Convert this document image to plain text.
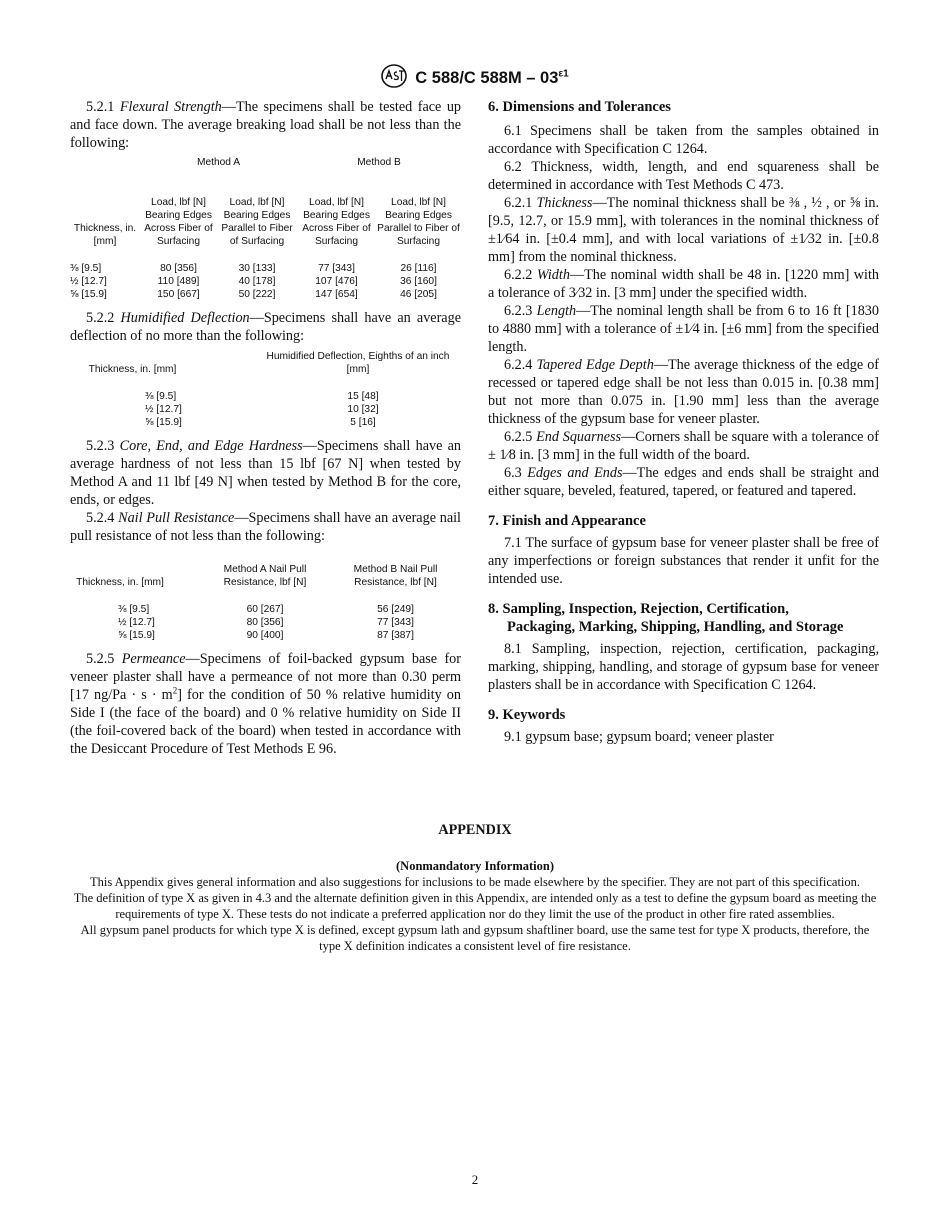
C 588/C $588M - 03^{\varepsilon 1}$

5.2.1 Flexural Strength—The specimens shall be tested face up and face down. The average breaking load shall be not less than the following:

	Method A		Method B	
Thickness, in. [mm]	Load, lbf [N] Bearing Edges Across Fiber of Surfacing	Load, lbf [N] Bearing Edges Parallel to Fiber of Surfacing	Load, lbf [N] Bearing Edges Across Fiber of Surfacing	Load, lbf [N] Bearing Edges Parallel to Fiber of Surfacing

⅜ [9.5]	80 [356]	30 [133]	77 [343]	26 [116]
½ [12.7]	110 [489]	40 [178]	107 [476]	36 [160]
⅝ [15.9]	150 [667]	50 [222]	147 [654]	46 [205]

5.2.2 Humidified Deflection—Specimens shall have an average deflection of no more than the following:

Thickness, in. [mm]	Humidified Deflection, Eighths of an inch [mm]

⅜ [9.5]	15 [48]
½ [12.7]	10 [32]
⅝ [15.9]	5 [16]

5.2.3 Core, End, and Edge Hardness—Specimens shall have an average hardness of not less than 15 lbf [67 N] when tested by Method A and 11 lbf [49 N] when tested by Method B for the core, ends, or edges.

5.2.4 Nail Pull Resistance—Specimens shall have an average nail pull resistance of not less than the following:

Thickness, in. [mm]	Method A Nail Pull Resistance, lbf [N]	Method B Nail Pull Resistance, lbf [N]

⅜ [9.5]	60 [267]	56 [249]
½ [12.7]	80 [356]	77 [343]
⅝ [15.9]	90 [400]	87 [387]

5.2.5 Permeance—Specimens of foil-backed gypsum base for veneer plaster shall have a permeance of not more than 0.30 perm [17 $ng/Pa \cdot s \cdot m^2$] for the condition of 50 % relative humidity on Side I (the face of the board) and 0 % relative humidity on Side II (the foil-covered back of the board) when tested in accordance with the Desiccant Procedure of Test Methods E 96.

6. Dimensions and Tolerances

6.1 Specimens shall be taken from the samples obtained in accordance with Specification C 1264.

6.2 Thickness, width, length, and end squareness shall be determined in accordance with Test Methods C 473.

6.2.1 Thickness—The nominal thickness shall be ⅜ , ½ , or ⅝ in. [9.5, 12.7, or 15.9 mm], with tolerances in the nominal thickness of ±1⁄64 in. [±0.4 mm], and with local variations of ±1⁄32 in. [±0.8 mm] from the nominal thickness.

6.2.2 Width—The nominal width shall be 48 in. [1220 mm] with a tolerance of 3⁄32 in. [3 mm] under the specified width.

6.2.3 Length—The nominal length shall be from 6 to 16 ft [1830 to 4880 mm] with a tolerance of ±1⁄4 in. [±6 mm] from the specified length.

6.2.4 Tapered Edge Depth—The average thickness of the edge of recessed or tapered edge shall be not less than 0.015 in. [0.38 mm] but not more than 0.075 in. [1.90 mm] less than the average thickness of the gypsum base for veneer plaster.

6.2.5 End Squarness—Corners shall be square with a tolerance of ± 1⁄8 in. [3 mm] in the full width of the board.

6.3 Edges and Ends—The edges and ends shall be straight and either square, beveled, featured, tapered, or featured and tapered.

7. Finish and Appearance

7.1 The surface of gypsum base for veneer plaster shall be free of any imperfections or foreign substances that render it unfit for the intended use.

8. Sampling, Inspection, Rejection, Certification,
Packaging, Marking, Shipping, Handling, and Storage

8.1 Sampling, inspection, rejection, certification, packaging, marking, shipping, handling, and storage of gypsum base for veneer plasters shall be in accordance with Specification C 1264.

9. Keywords

9.1 gypsum base; gypsum board; veneer plaster

APPENDIX
(Nonmandatory Information)

This Appendix gives general information and also suggestions for inclusions to be made elsewhere by the specifier. They are not part of this specification.

The definition of type X as given in 4.3 and the alternate definition given in this Appendix, are intended only as a test to define the gypsum board as meeting the requirements of type X. These tests do not indicate a preferred application nor do they limit the use of the product in other fire rated assemblies.

All gypsum panel products for which type X is defined, except gypsum lath and gypsum shaftliner board, use the same test for type X products, therefore, the type X definition indicates a consistent level of fire resistance.

2
